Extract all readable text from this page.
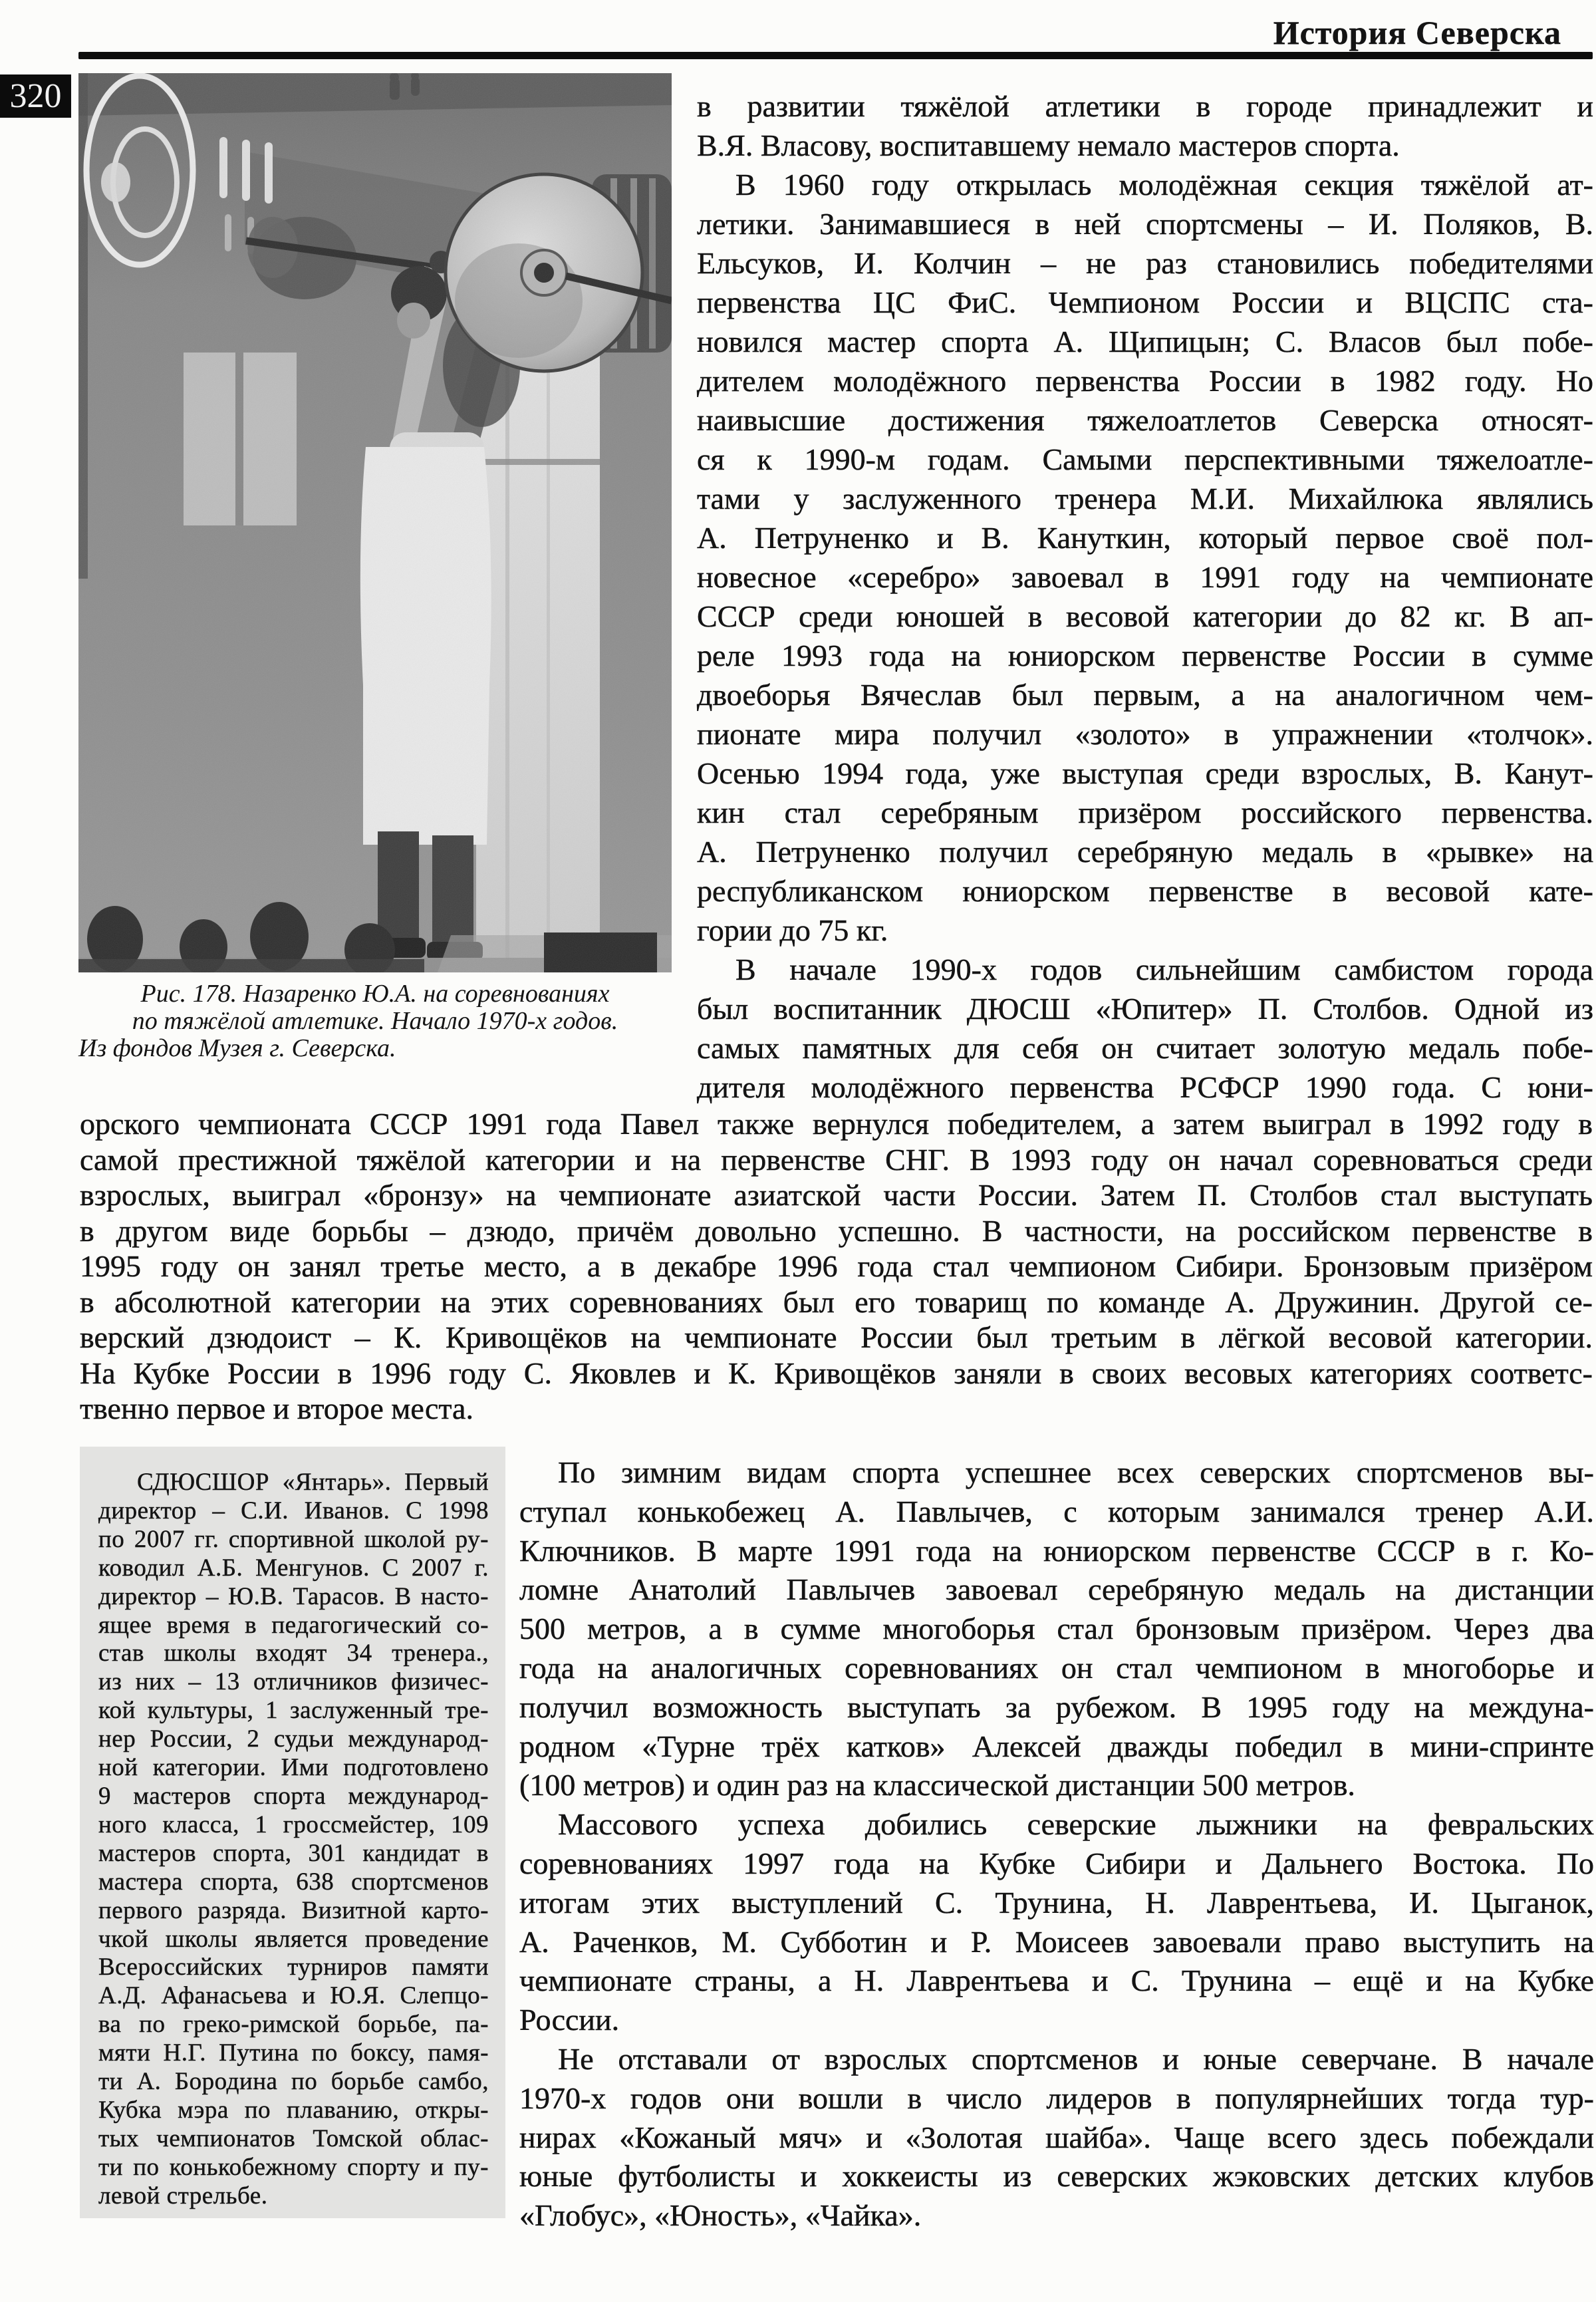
История Северска
320
Рис. 178. Назаренко Ю.А. на соревнованиях
по тяжёлой атлетике. Начало 1970-х годов.
Из фондов Музея г. Северска.
в развитии тяжёлой атлетики в городе принадлежит и
В.Я. Власову, воспитавшему немало мастеров спорта.
В 1960 году открылась молодёжная секция тяжёлой ат-
летики. Занимавшиеся в ней спортсмены – И. Поляков, В.
Ельсуков, И. Колчин – не раз становились победителями
первенства ЦС ФиС. Чемпионом России и ВЦСПС ста-
новился мастер спорта А. Щипицын; С. Власов был побе-
дителем молодёжного первенства России в 1982 году. Но
наивысшие достижения тяжелоатлетов Северска относят-
ся к 1990-м годам. Самыми перспективными тяжелоатле-
тами у заслуженного тренера М.И. Михайлюка являлись
А. Петруненко и В. Кануткин, который первое своё пол-
новесное «серебро» завоевал в 1991 году на чемпионате
СССР среди юношей в весовой категории до 82 кг. В ап-
реле 1993 года на юниорском первенстве России в сумме
двоеборья Вячеслав был первым, а на аналогичном чем-
пионате мира получил «золото» в упражнении «толчок».
Осенью 1994 года, уже выступая среди взрослых, В. Канут-
кин стал серебряным призёром российского первенства.
А. Петруненко получил серебряную медаль в «рывке» на
республиканском юниорском первенстве в весовой кате-
гории до 75 кг.
В начале 1990-х годов сильнейшим самбистом города
был воспитанник ДЮСШ «Юпитер» П. Столбов. Одной из
самых памятных для себя он считает золотую медаль побе-
дителя молодёжного первенства РСФСР 1990 года. С юни-
орского чемпионата СССР 1991 года Павел также вернулся победителем, а затем выиграл в 1992 году в
самой престижной тяжёлой категории и на первенстве СНГ. В 1993 году он начал соревноваться среди
взрослых, выиграл «бронзу» на чемпионате азиатской части России. Затем П. Столбов стал выступать
в другом виде борьбы – дзюдо, причём довольно успешно. В частности, на российском первенстве в
1995 году он занял третье место, а в декабре 1996 года стал чемпионом Сибири. Бронзовым призёром
в абсолютной категории на этих соревнованиях был его товарищ по команде А. Дружинин. Другой се-
верский дзюдоист – К. Кривощёков на чемпионате России был третьим в лёгкой весовой категории.
На Кубке России в 1996 году С. Яковлев и К. Кривощёков заняли в своих весовых категориях соответс-
твенно первое и второе места.
СДЮСШОР «Янтарь». Первый
директор – С.И. Иванов. С 1998
по 2007 гг. спортивной школой ру-
ководил А.Б. Менгунов. С 2007 г.
директор – Ю.В. Тарасов. В насто-
ящее время в педагогический со-
став школы входят 34 тренера.,
из них – 13 отличников физичес-
кой культуры, 1 заслуженный тре-
нер России, 2 судьи международ-
ной категории. Ими подготовлено
9 мастеров спорта международ-
ного класса, 1 гроссмейстер, 109
мастеров спорта, 301 кандидат в
мастера спорта, 638 спортсменов
первого разряда. Визитной карто-
чкой школы является проведение
Всероссийских турниров памяти
А.Д. Афанасьева и Ю.Я. Слепцо-
ва по греко-римской борьбе, па-
мяти Н.Г. Путина по боксу, памя-
ти А. Бородина по борьбе самбо,
Кубка мэра по плаванию, откры-
тых чемпионатов Томской облас-
ти по конькобежному спорту и пу-
левой стрельбе.
По зимним видам спорта успешнее всех северских спортсменов вы-
ступал конькобежец А. Павлычев, с которым занимался тренер А.И.
Ключников. В марте 1991 года на юниорском первенстве СССР в г. Ко-
ломне Анатолий Павлычев завоевал серебряную медаль на дистанции
500 метров, а в сумме многоборья стал бронзовым призёром. Через два
года на аналогичных соревнованиях он стал чемпионом в многоборье и
получил возможность выступать за рубежом. В 1995 году на междуна-
родном «Турне трёх катков» Алексей дважды победил в мини-спринте
(100 метров) и один раз на классической дистанции 500 метров.
Массового успеха добились северские лыжники на февральских
соревнованиях 1997 года на Кубке Сибири и Дальнего Востока. По
итогам этих выступлений С. Трунина, Н. Лаврентьева, И. Цыганок,
А. Раченков, М. Субботин и Р. Моисеев завоевали право выступить на
чемпионате страны, а Н. Лаврентьева и С. Трунина – ещё и на Кубке
России.
Не отставали от взрослых спортсменов и юные северчане. В начале
1970-х годов они вошли в число лидеров в популярнейших тогда тур-
нирах «Кожаный мяч» и «Золотая шайба». Чаще всего здесь побеждали
юные футболисты и хоккеисты из северских жэковских детских клубов
«Глобус», «Юность», «Чайка».
